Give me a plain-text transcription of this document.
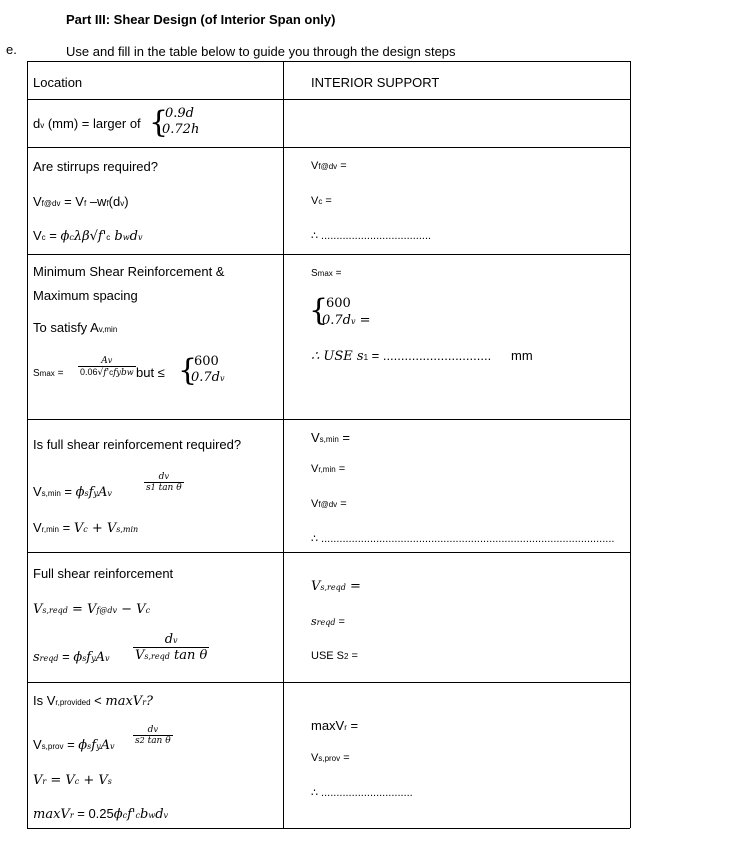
Part III: Shear Design (of Interior Span only)
e.	Use and fill in the table below to guide you through the design steps
Location	INTERIOR SUPPORT
dv (mm) = larger of {
0.9d
0.72h
Are stirrups required?
Vf@dv = Vf –wf(dv)
Vc = ϕcλβ√f'c bwdv
Vf@dv =
Vc =
∴ ....................................
Minimum Shear Reinforcement &
Maximum spacing
To satisfy Av,min
$Smax = \frac{Av}{\text{0.06√f'cfybw}}$ but ≤ {
600
0.7dv
Smax =
{
600
0.7dv =
∴ USE s1 = .............................. mm
Is full shear reinforcement required?
Vs,min = ϕsfyAv
$\frac{dv}{\text{s1 tan θ}}$
Vr,min = Vc + Vs,min
Vs,min =
Vr,min =
Vf@dv =
∴ ................................................................................................
Full shear reinforcement
Vs,reqd = Vf@dv − Vc
sreqd = ϕsfyAv $\frac{dv}{\text{Vs,reqd tan θ}}$
Vs,reqd =
sreqd =
USE S2 =
Is Vr,provided < maxVr?
Vs,prov = ϕsfyAv
$\frac{dv}{\text{s2 tan θ}}$
Vr = Vc + Vs
maxVr = 0.25ϕcf'cbwdv
maxVr =
Vs,prov =
∴ ..............................
